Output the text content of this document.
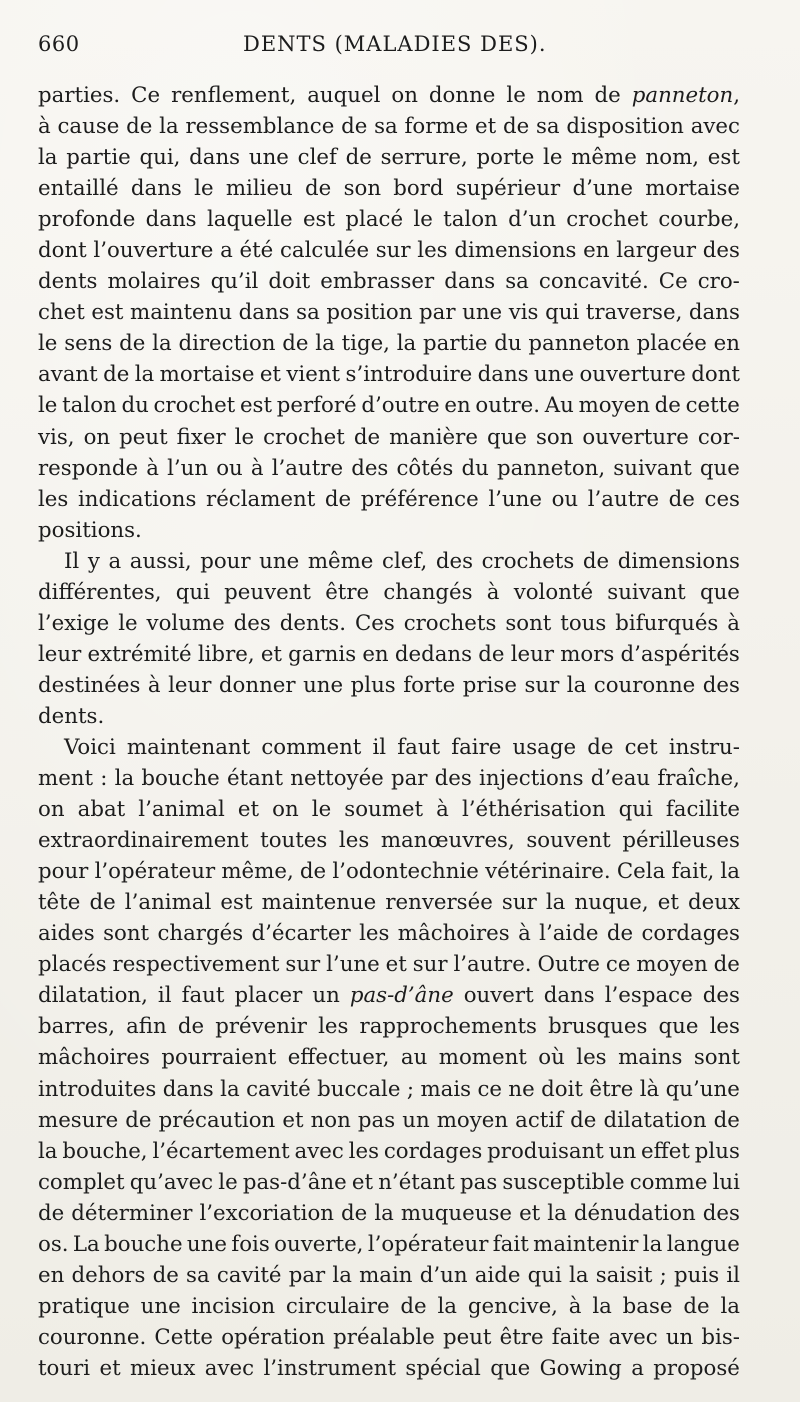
660	DENTS (MALADIES DES).
parties. Ce renflement, auquel on donne le nom de panneton,
à cause de la ressemblance de sa forme et de sa disposition avec
la partie qui, dans une clef de serrure, porte le même nom, est
entaillé dans le milieu de son bord supérieur d’une mortaise
profonde dans laquelle est placé le talon d’un crochet courbe,
dont l’ouverture a été calculée sur les dimensions en largeur des
dents molaires qu’il doit embrasser dans sa concavité. Ce cro-
chet est maintenu dans sa position par une vis qui traverse, dans
le sens de la direction de la tige, la partie du panneton placée en
avant de la mortaise et vient s’introduire dans une ouverture dont
le talon du crochet est perforé d’outre en outre. Au moyen de cette
vis, on peut fixer le crochet de manière que son ouverture cor-
responde à l’un ou à l’autre des côtés du panneton, suivant que
les indications réclament de préférence l’une ou l’autre de ces
positions.
Il y a aussi, pour une même clef, des crochets de dimensions
différentes, qui peuvent être changés à volonté suivant que
l’exige le volume des dents. Ces crochets sont tous bifurqués à
leur extrémité libre, et garnis en dedans de leur mors d’aspérités
destinées à leur donner une plus forte prise sur la couronne des
dents.
Voici maintenant comment il faut faire usage de cet instru-
ment : la bouche étant nettoyée par des injections d’eau fraîche,
on abat l’animal et on le soumet à l’éthérisation qui facilite
extraordinairement toutes les manœuvres, souvent périlleuses
pour l’opérateur même, de l’odontechnie vétérinaire. Cela fait, la
tête de l’animal est maintenue renversée sur la nuque, et deux
aides sont chargés d’écarter les mâchoires à l’aide de cordages
placés respectivement sur l’une et sur l’autre. Outre ce moyen de
dilatation, il faut placer un pas-d’âne ouvert dans l’espace des
barres, afin de prévenir les rapprochements brusques que les
mâchoires pourraient effectuer, au moment où les mains sont
introduites dans la cavité buccale ; mais ce ne doit être là qu’une
mesure de précaution et non pas un moyen actif de dilatation de
la bouche, l’écartement avec les cordages produisant un effet plus
complet qu’avec le pas-d’âne et n’étant pas susceptible comme lui
de déterminer l’excoriation de la muqueuse et la dénudation des
os. La bouche une fois ouverte, l’opérateur fait maintenir la langue
en dehors de sa cavité par la main d’un aide qui la saisit ; puis il
pratique une incision circulaire de la gencive, à la base de la
couronne. Cette opération préalable peut être faite avec un bis-
touri et mieux avec l’instrument spécial que Gowing a proposé
